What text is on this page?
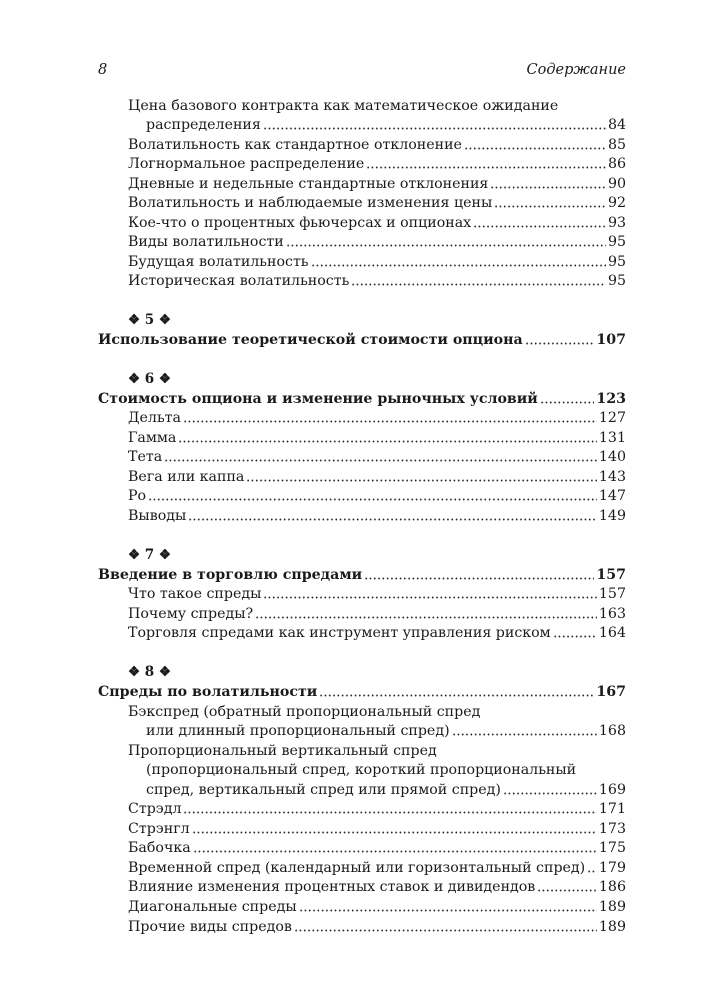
8	Содержание
Цена базового контракта как математическое ожидание
распределения	84
Волатильность как стандартное отклонение	85
Логнормальное распределение	86
Дневные и недельные стандартные отклонения	90
Волатильность и наблюдаемые изменения цены	92
Кое-что о процентных фьючерсах и опционах	93
Виды волатильности	95
Будущая волатильность	95
Историческая волатильность	95
❖ 5 ❖
Использование теоретической стоимости опциона	107
❖ 6 ❖
Стоимость опциона и изменение рыночных условий	123
Дельта	127
Гамма	131
Тета	140
Вега или каппа	143
Ро	147
Выводы	149
❖ 7 ❖
Введение в торговлю спредами	157
Что такое спреды	157
Почему спреды?	163
Торговля спредами как инструмент управления риском	164
❖ 8 ❖
Спреды по волатильности	167
Бэкспред (обратный пропорциональный спред
или длинный пропорциональный спред)	168
Пропорциональный вертикальный спред
(пропорциональный спред, короткий пропорциональный
спред, вертикальный спред или прямой спред)	169
Стрэдл	171
Стрэнгл	173
Бабочка	175
Временной спред (календарный или горизонтальный спред) 179
Влияние изменения процентных ставок и дивидендов	186
Диагональные спреды	189
Прочие виды спредов	189
